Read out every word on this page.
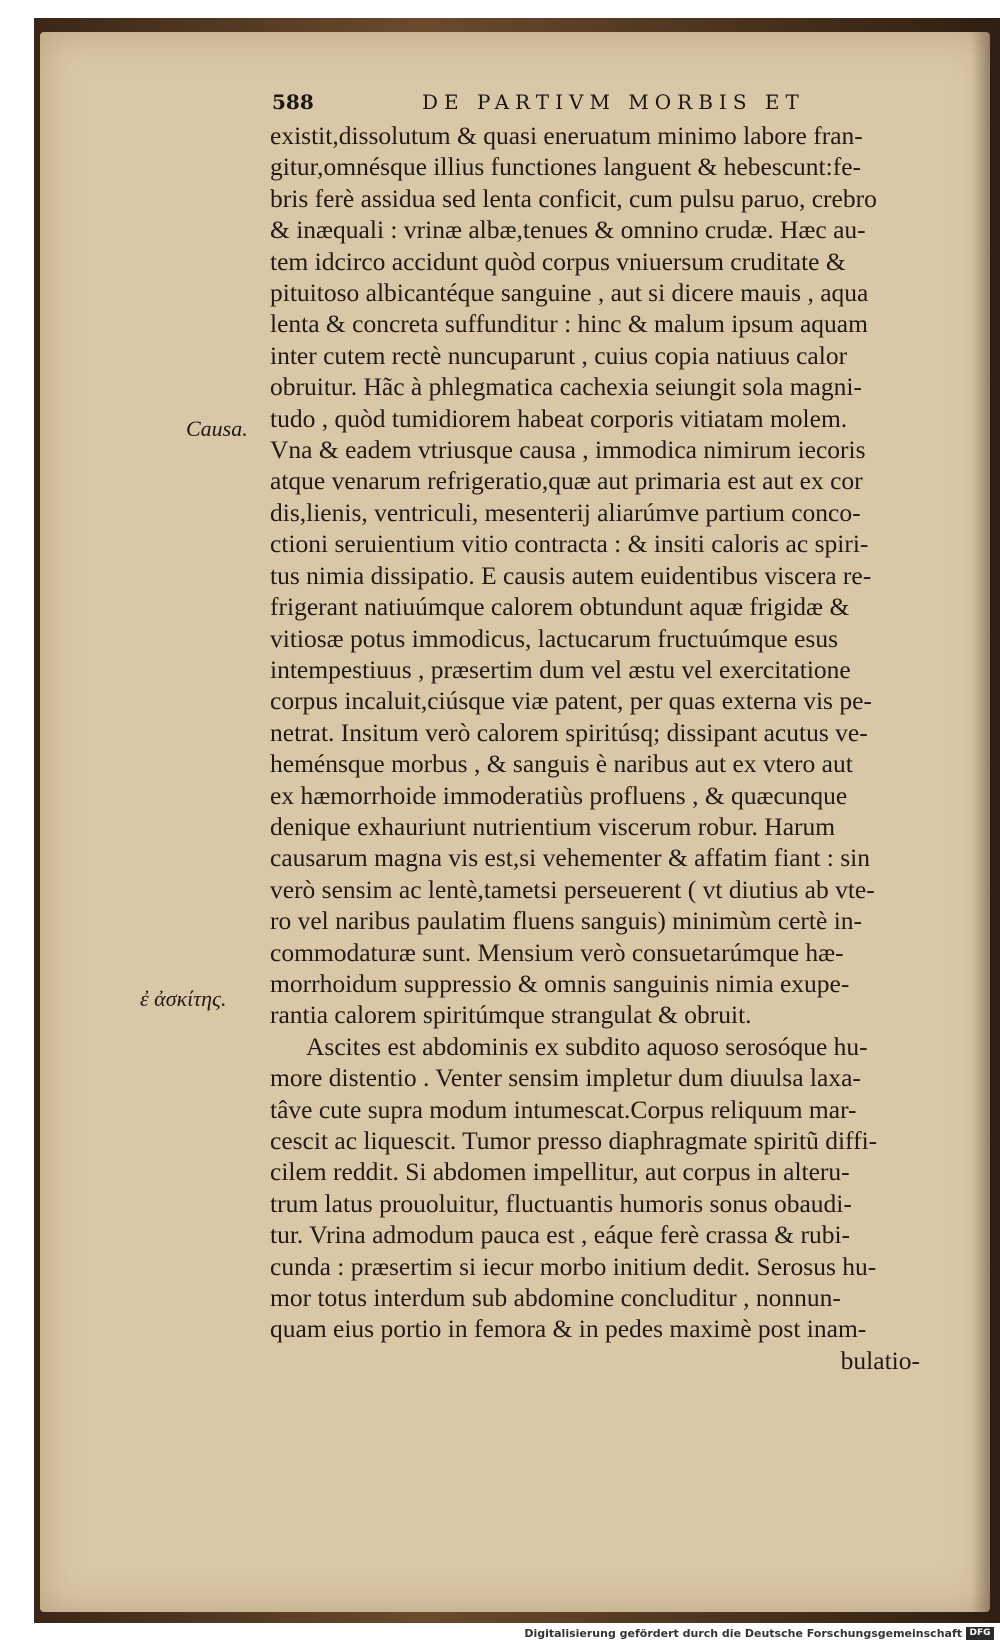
588	DE PARTIVM MORBIS ET
Causa.
ἐ ἀσκίτης.
existit,dissolutum & quasi eneruatum minimo labore fran-
gitur,omnésque illius functiones languent & hebescunt:fe-
bris ferè assidua sed lenta conficit, cum pulsu paruo, crebro
& inæquali : vrinæ albæ,tenues & omnino crudæ. Hæc au-
tem idcirco accidunt quòd corpus vniuersum cruditate &
pituitoso albicantéque sanguine , aut si dicere mauis , aqua
lenta & concreta suffunditur : hinc & malum ipsum aquam
inter cutem rectè nuncuparunt , cuius copia natiuus calor
obruitur. Hãc à phlegmatica cachexia seiungit sola magni-
tudo , quòd tumidiorem habeat corporis vitiatam molem.
Vna & eadem vtriusque causa , immodica nimirum iecoris
atque venarum refrigeratio,quæ aut primaria est aut ex cor
dis,lienis, ventriculi, mesenterij aliarúmve partium conco-
ctioni seruientium vitio contracta : & insiti caloris ac spiri-
tus nimia dissipatio. E causis autem euidentibus viscera re-
frigerant natiuúmque calorem obtundunt aquæ frigidæ &
vitiosæ potus immodicus, lactucarum fructuúmque esus
intempestiuus , præsertim dum vel æstu vel exercitatione
corpus incaluit,ciúsque viæ patent, per quas externa vis pe-
netrat. Insitum verò calorem spiritúsq; dissipant acutus ve-
heménsque morbus , & sanguis è naribus aut ex vtero aut
ex hæmorrhoide immoderatiùs profluens , & quæcunque
denique exhauriunt nutrientium viscerum robur. Harum
causarum magna vis est,si vehementer & affatim fiant : sin
verò sensim ac lentè,tametsi perseuerent ( vt diutius ab vte-
ro vel naribus paulatim fluens sanguis) minimùm certè in-
commodaturæ sunt. Mensium verò consuetarúmque hæ-
morrhoidum suppressio & omnis sanguinis nimia exupe-
rantia calorem spiritúmque strangulat & obruit.
Ascites est abdominis ex subdito aquoso serosóque hu-
more distentio . Venter sensim impletur dum diuulsa laxa-
tâve cute supra modum intumescat.Corpus reliquum mar-
cescit ac liquescit. Tumor presso diaphragmate spiritũ diffi-
cilem reddit. Si abdomen impellitur, aut corpus in alteru-
trum latus prouoluitur, fluctuantis humoris sonus obaudi-
tur. Vrina admodum pauca est , eáque ferè crassa & rubi-
cunda : præsertim si iecur morbo initium dedit. Serosus hu-
mor totus interdum sub abdomine concluditur , nonnun-
quam eius portio in femora & in pedes maximè post inam-
bulatio-
Digitalisierung gefördert durch die Deutsche Forschungsgemeinschaft DFG
